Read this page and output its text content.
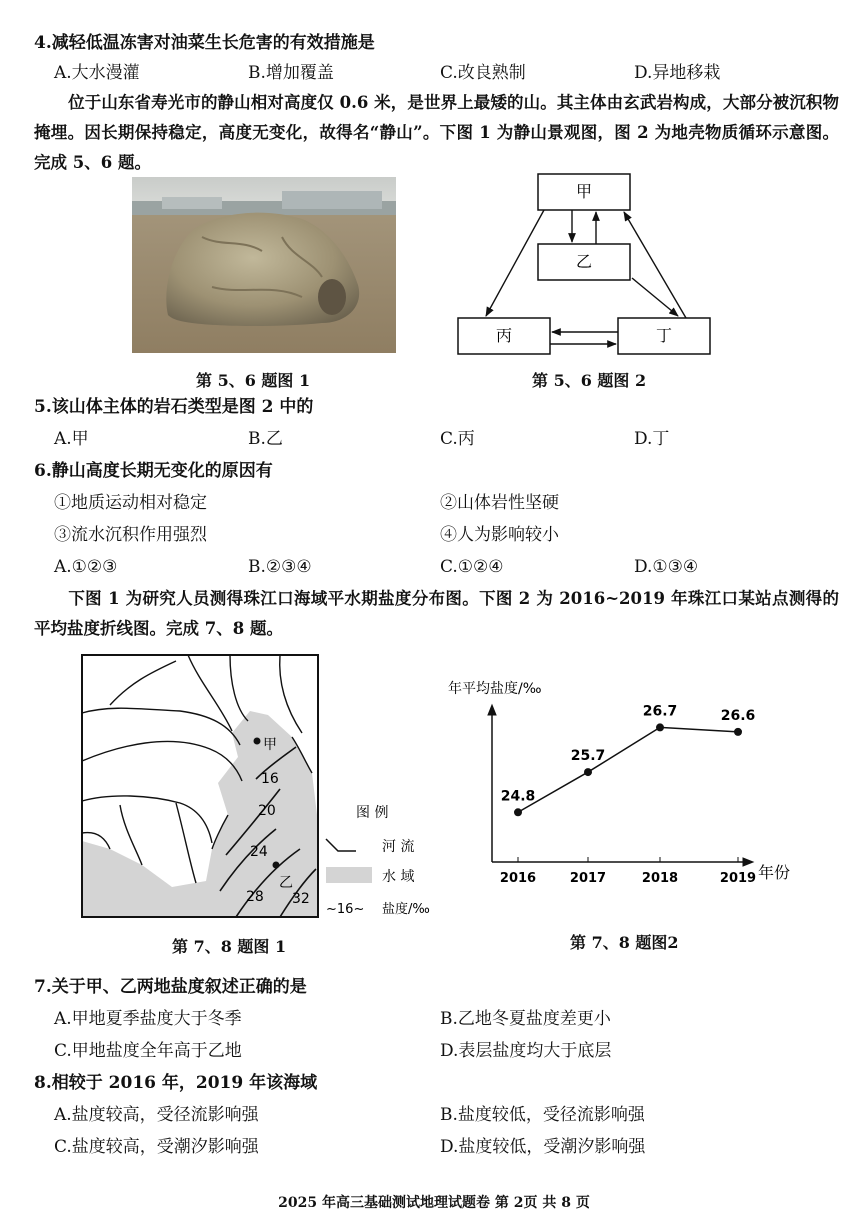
4.减轻低温冻害对油菜生长危害的有效措施是
A.大水漫灌	B.增加覆盖	C.改良熟制	D.异地移栽
位于山东省寿光市的静山相对高度仅 0.6 米，是世界上最矮的山。其主体由玄武岩构成，大部分被沉积物掩埋。因长期保持稳定，高度无变化，故得名“静山”。下图 1 为静山景观图，图 2 为地壳物质循环示意图。完成 5、6 题。
甲
乙
丙	丁
第 5、6 题图 1	第 5、6 题图 2
5.该山体主体的岩石类型是图 2 中的
A.甲	B.乙	C.丙	D.丁
6.静山高度长期无变化的原因有
①地质运动相对稳定	②山体岩性坚硬
③流水沉积作用强烈	④人为影响较小
A.①②③	B.②③④	C.①②④	D.①③④
下图 1 为研究人员测得珠江口海域平水期盐度分布图。下图 2 为 2016~2019 年珠江口某站点测得的平均盐度折线图。完成 7、8 题。
甲
乙
16
20
24
28 32
图 例
河 流
水 域
~16~ 盐度/‰
第 7、8 题图 1
年平均盐度/‰
年份
24.8
2016
25.7
2017
26.7
2018
26.6
2019
第 7、8 题图2
7.关于甲、乙两地盐度叙述正确的是
A.甲地夏季盐度大于冬季	B.乙地冬夏盐度差更小
C.甲地盐度全年高于乙地	D.表层盐度均大于底层
8.相较于 2016 年，2019 年该海域
A.盐度较高，受径流影响强	B.盐度较低，受径流影响强
C.盐度较高，受潮汐影响强	D.盐度较低，受潮汐影响强
2025 年高三基础测试地理试题卷 第 2页 共 8 页
